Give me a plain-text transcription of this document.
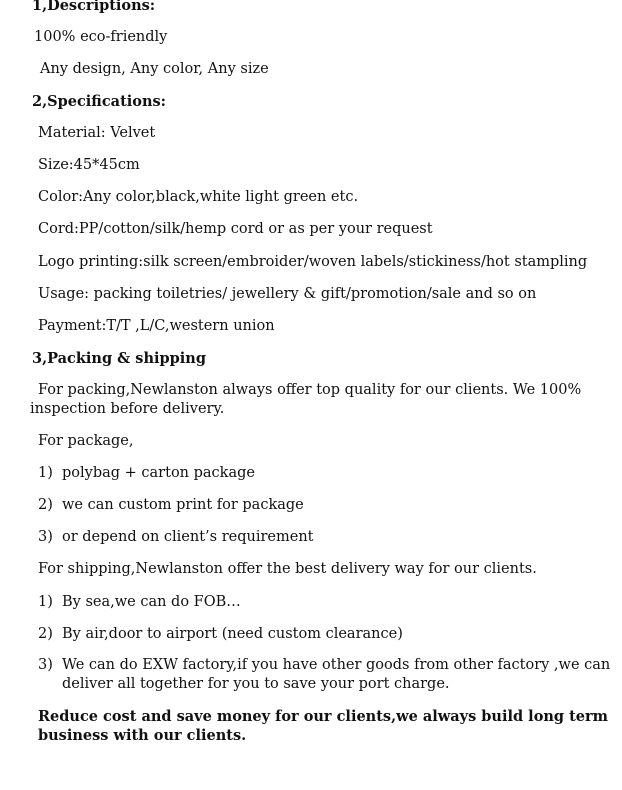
1,Descriptions:
100% eco-friendly
Any design, Any color, Any size
2,Specifications:
Material: Velvet
Size:45*45cm
Color:Any color,black,white light green etc.
Cord:PP/cotton/silk/hemp cord or as per your request
Logo printing:silk screen/embroider/woven labels/stickiness/hot stampling
Usage: packing toiletries/ jewellery & gift/promotion/sale and so on
Payment:T/T ,L/C,western union
3,Packing & shipping
For packing,Newlanston always offer top quality for our clients. We 100%
inspection before delivery.
For package,
1) polybag + carton package
2) we can custom print for package
3) or depend on client’s requirement
For shipping,Newlanston offer the best delivery way for our clients.
1) By sea,we can do FOB…
2) By air,door to airport (need custom clearance)
3) We can do EXW factory,if you have other goods from other factory ,we can
deliver all together for you to save your port charge.
Reduce cost and save money for our clients,we always build long term
business with our clients.
